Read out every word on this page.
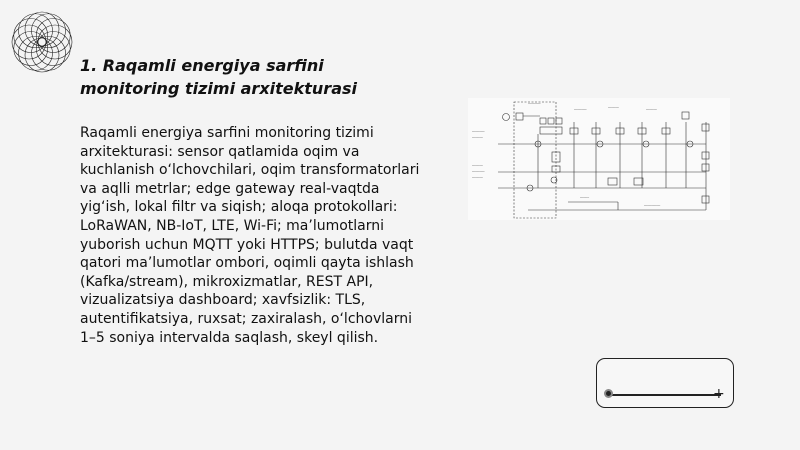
1. Raqamli energiya sarfini monitoring tizimi arxitekturasi

Raqamli energiya sarfini monitoring tizimi arxitekturasi: sensor qatlamida oqim va kuchlanish o‘lchovchilari, oqim transformatorlari va aqlli metrlar; edge gateway real-vaqtda yig‘ish, lokal filtr va siqish; aloqa protokollari: LoRaWAN, NB-IoT, LTE, Wi-Fi; ma’lumotlarni yuborish uchun MQTT yoki HTTPS; bulutda vaqt qatori ma’lumotlar ombori, oqimli qayta ishlash (Kafka/stream), mikroxizmatlar, REST API, vizualizatsiya dashboard; xavfsizlik: TLS, autentifikatsiya, ruxsat; zaxiralash, o‘lchovlarni 1–5 soniya intervalda saqlash, skeyl qilish.

‾‾‾‾‾‾‾
‾‾‾‾‾‾‾	‾‾‾‾‾‾	‾‾‾‾‾‾
‾‾‾‾‾‾‾
‾‾‾‾‾‾
‾‾‾‾‾‾
‾‾‾‾‾‾‾
‾‾‾‾‾‾
‾‾‾‾‾
‾‾‾‾‾‾‾‾‾
+
